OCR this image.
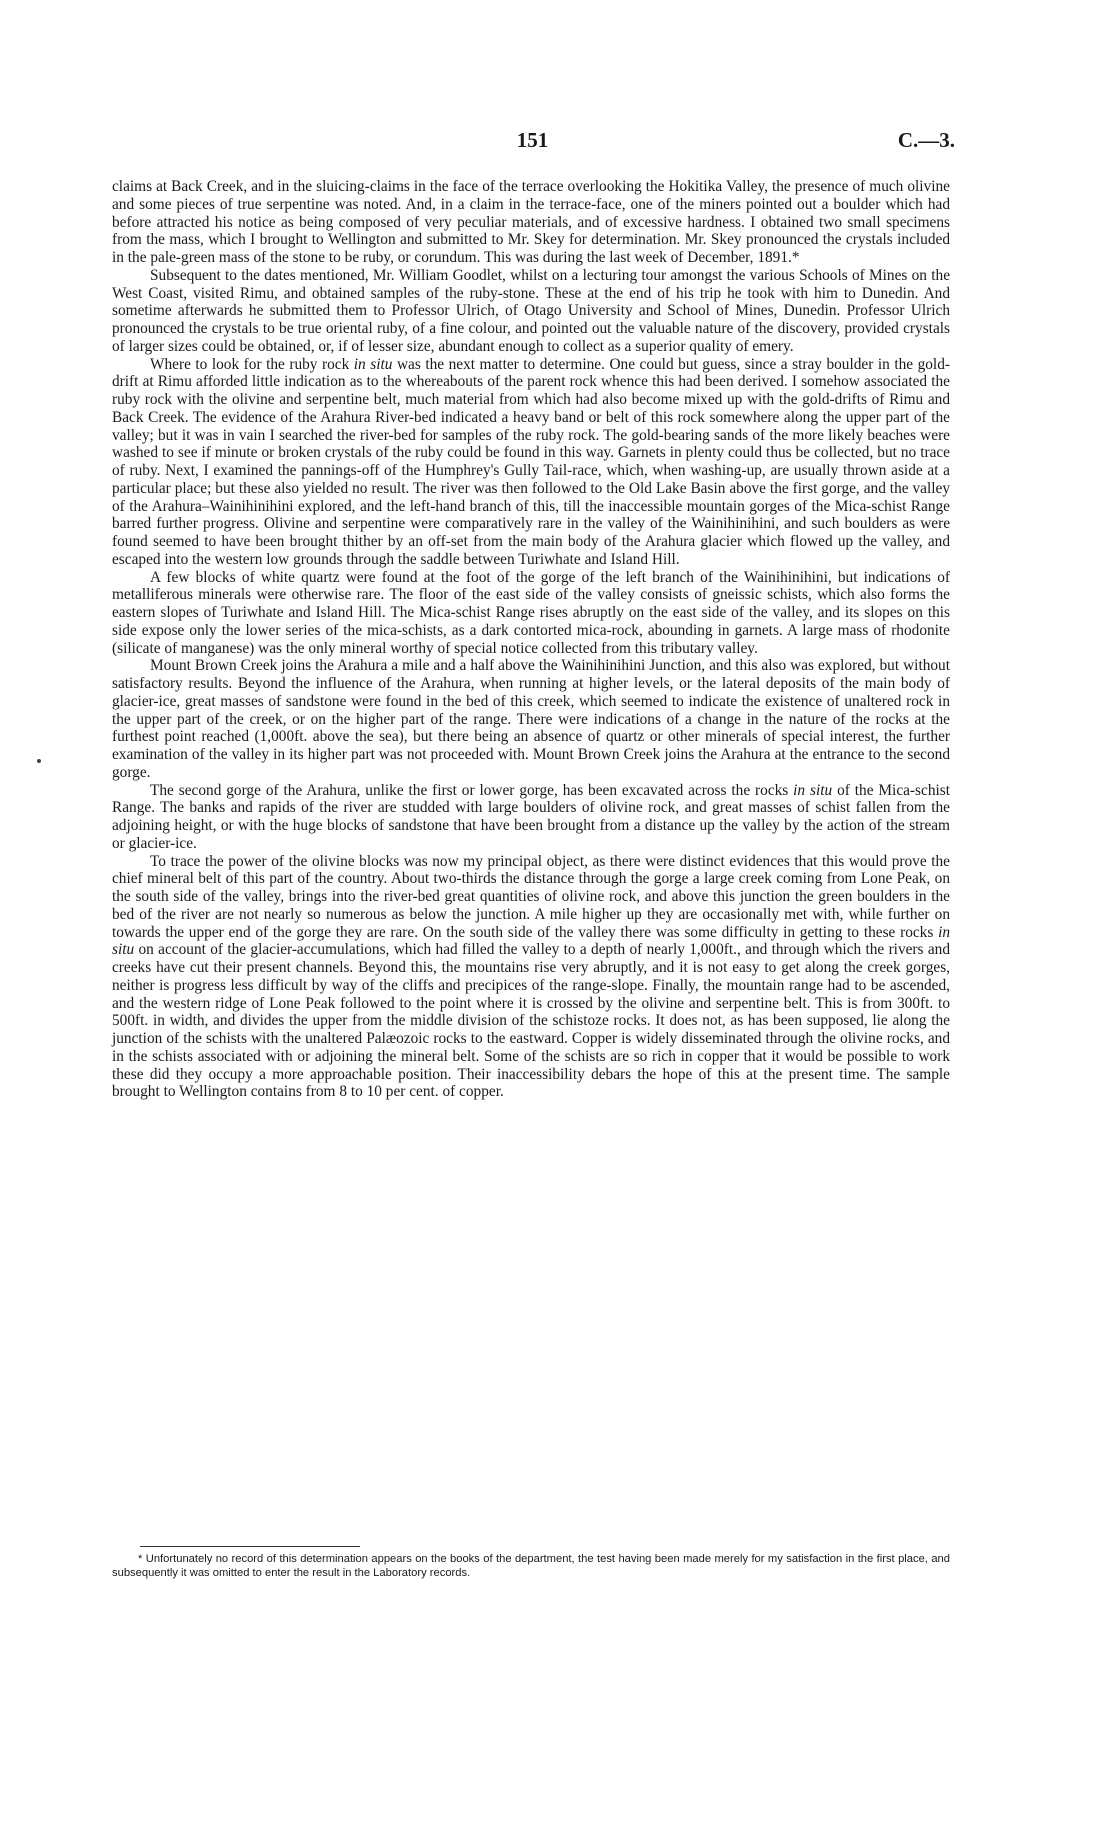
151	C.—3.

claims at Back Creek, and in the sluicing-claims in the face of the terrace overlooking the Hokitika Valley, the presence of much olivine and some pieces of true serpentine was noted. And, in a claim in the terrace-face, one of the miners pointed out a boulder which had before attracted his notice as being composed of very peculiar materials, and of excessive hardness. I obtained two small specimens from the mass, which I brought to Wellington and submitted to Mr. Skey for determination. Mr. Skey pronounced the crystals included in the pale-green mass of the stone to be ruby, or corundum. This was during the last week of December, 1891.*

Subsequent to the dates mentioned, Mr. William Goodlet, whilst on a lecturing tour amongst the various Schools of Mines on the West Coast, visited Rimu, and obtained samples of the ruby-stone. These at the end of his trip he took with him to Dunedin. And sometime afterwards he submitted them to Professor Ulrich, of Otago University and School of Mines, Dunedin. Professor Ulrich pronounced the crystals to be true oriental ruby, of a fine colour, and pointed out the valuable nature of the discovery, provided crystals of larger sizes could be obtained, or, if of lesser size, abundant enough to collect as a superior quality of emery.

Where to look for the ruby rock in situ was the next matter to determine. One could but guess, since a stray boulder in the gold-drift at Rimu afforded little indication as to the whereabouts of the parent rock whence this had been derived. I somehow associated the ruby rock with the olivine and serpentine belt, much material from which had also become mixed up with the gold-drifts of Rimu and Back Creek. The evidence of the Arahura River-bed indicated a heavy band or belt of this rock somewhere along the upper part of the valley; but it was in vain I searched the river-bed for samples of the ruby rock. The gold-bearing sands of the more likely beaches were washed to see if minute or broken crystals of the ruby could be found in this way. Garnets in plenty could thus be collected, but no trace of ruby. Next, I examined the pannings-off of the Humphrey's Gully Tail-race, which, when washing-up, are usually thrown aside at a particular place; but these also yielded no result. The river was then followed to the Old Lake Basin above the first gorge, and the valley of the Arahura–Wainihinihini explored, and the left-hand branch of this, till the inaccessible mountain gorges of the Mica-schist Range barred further progress. Olivine and serpentine were comparatively rare in the valley of the Wainihinihini, and such boulders as were found seemed to have been brought thither by an off-set from the main body of the Arahura glacier which flowed up the valley, and escaped into the western low grounds through the saddle between Turiwhate and Island Hill.

A few blocks of white quartz were found at the foot of the gorge of the left branch of the Wainihinihini, but indications of metalliferous minerals were otherwise rare. The floor of the east side of the valley consists of gneissic schists, which also forms the eastern slopes of Turiwhate and Island Hill. The Mica-schist Range rises abruptly on the east side of the valley, and its slopes on this side expose only the lower series of the mica-schists, as a dark contorted mica-rock, abounding in garnets. A large mass of rhodonite (silicate of manganese) was the only mineral worthy of special notice collected from this tributary valley.

Mount Brown Creek joins the Arahura a mile and a half above the Wainihinihini Junction, and this also was explored, but without satisfactory results. Beyond the influence of the Arahura, when running at higher levels, or the lateral deposits of the main body of glacier-ice, great masses of sandstone were found in the bed of this creek, which seemed to indicate the existence of unaltered rock in the upper part of the creek, or on the higher part of the range. There were indications of a change in the nature of the rocks at the furthest point reached (1,000ft. above the sea), but there being an absence of quartz or other minerals of special interest, the further examination of the valley in its higher part was not proceeded with. Mount Brown Creek joins the Arahura at the entrance to the second gorge.

The second gorge of the Arahura, unlike the first or lower gorge, has been excavated across the rocks in situ of the Mica-schist Range. The banks and rapids of the river are studded with large boulders of olivine rock, and great masses of schist fallen from the adjoining height, or with the huge blocks of sandstone that have been brought from a distance up the valley by the action of the stream or glacier-ice.

To trace the power of the olivine blocks was now my principal object, as there were distinct evidences that this would prove the chief mineral belt of this part of the country. About two-thirds the distance through the gorge a large creek coming from Lone Peak, on the south side of the valley, brings into the river-bed great quantities of olivine rock, and above this junction the green boulders in the bed of the river are not nearly so numerous as below the junction. A mile higher up they are occasionally met with, while further on towards the upper end of the gorge they are rare. On the south side of the valley there was some difficulty in getting to these rocks in situ on account of the glacier-accumulations, which had filled the valley to a depth of nearly 1,000ft., and through which the rivers and creeks have cut their present channels. Beyond this, the mountains rise very abruptly, and it is not easy to get along the creek gorges, neither is progress less difficult by way of the cliffs and precipices of the range-slope. Finally, the mountain range had to be ascended, and the western ridge of Lone Peak followed to the point where it is crossed by the olivine and serpentine belt. This is from 300ft. to 500ft. in width, and divides the upper from the middle division of the schistoze rocks. It does not, as has been supposed, lie along the junction of the schists with the unaltered Palæozoic rocks to the eastward. Copper is widely disseminated through the olivine rocks, and in the schists associated with or adjoining the mineral belt. Some of the schists are so rich in copper that it would be possible to work these did they occupy a more approachable position. Their inaccessibility debars the hope of this at the present time. The sample brought to Wellington contains from 8 to 10 per cent. of copper.

* Unfortunately no record of this determination appears on the books of the department, the test having been made merely for my satisfaction in the first place, and subsequently it was omitted to enter the result in the Laboratory records.
